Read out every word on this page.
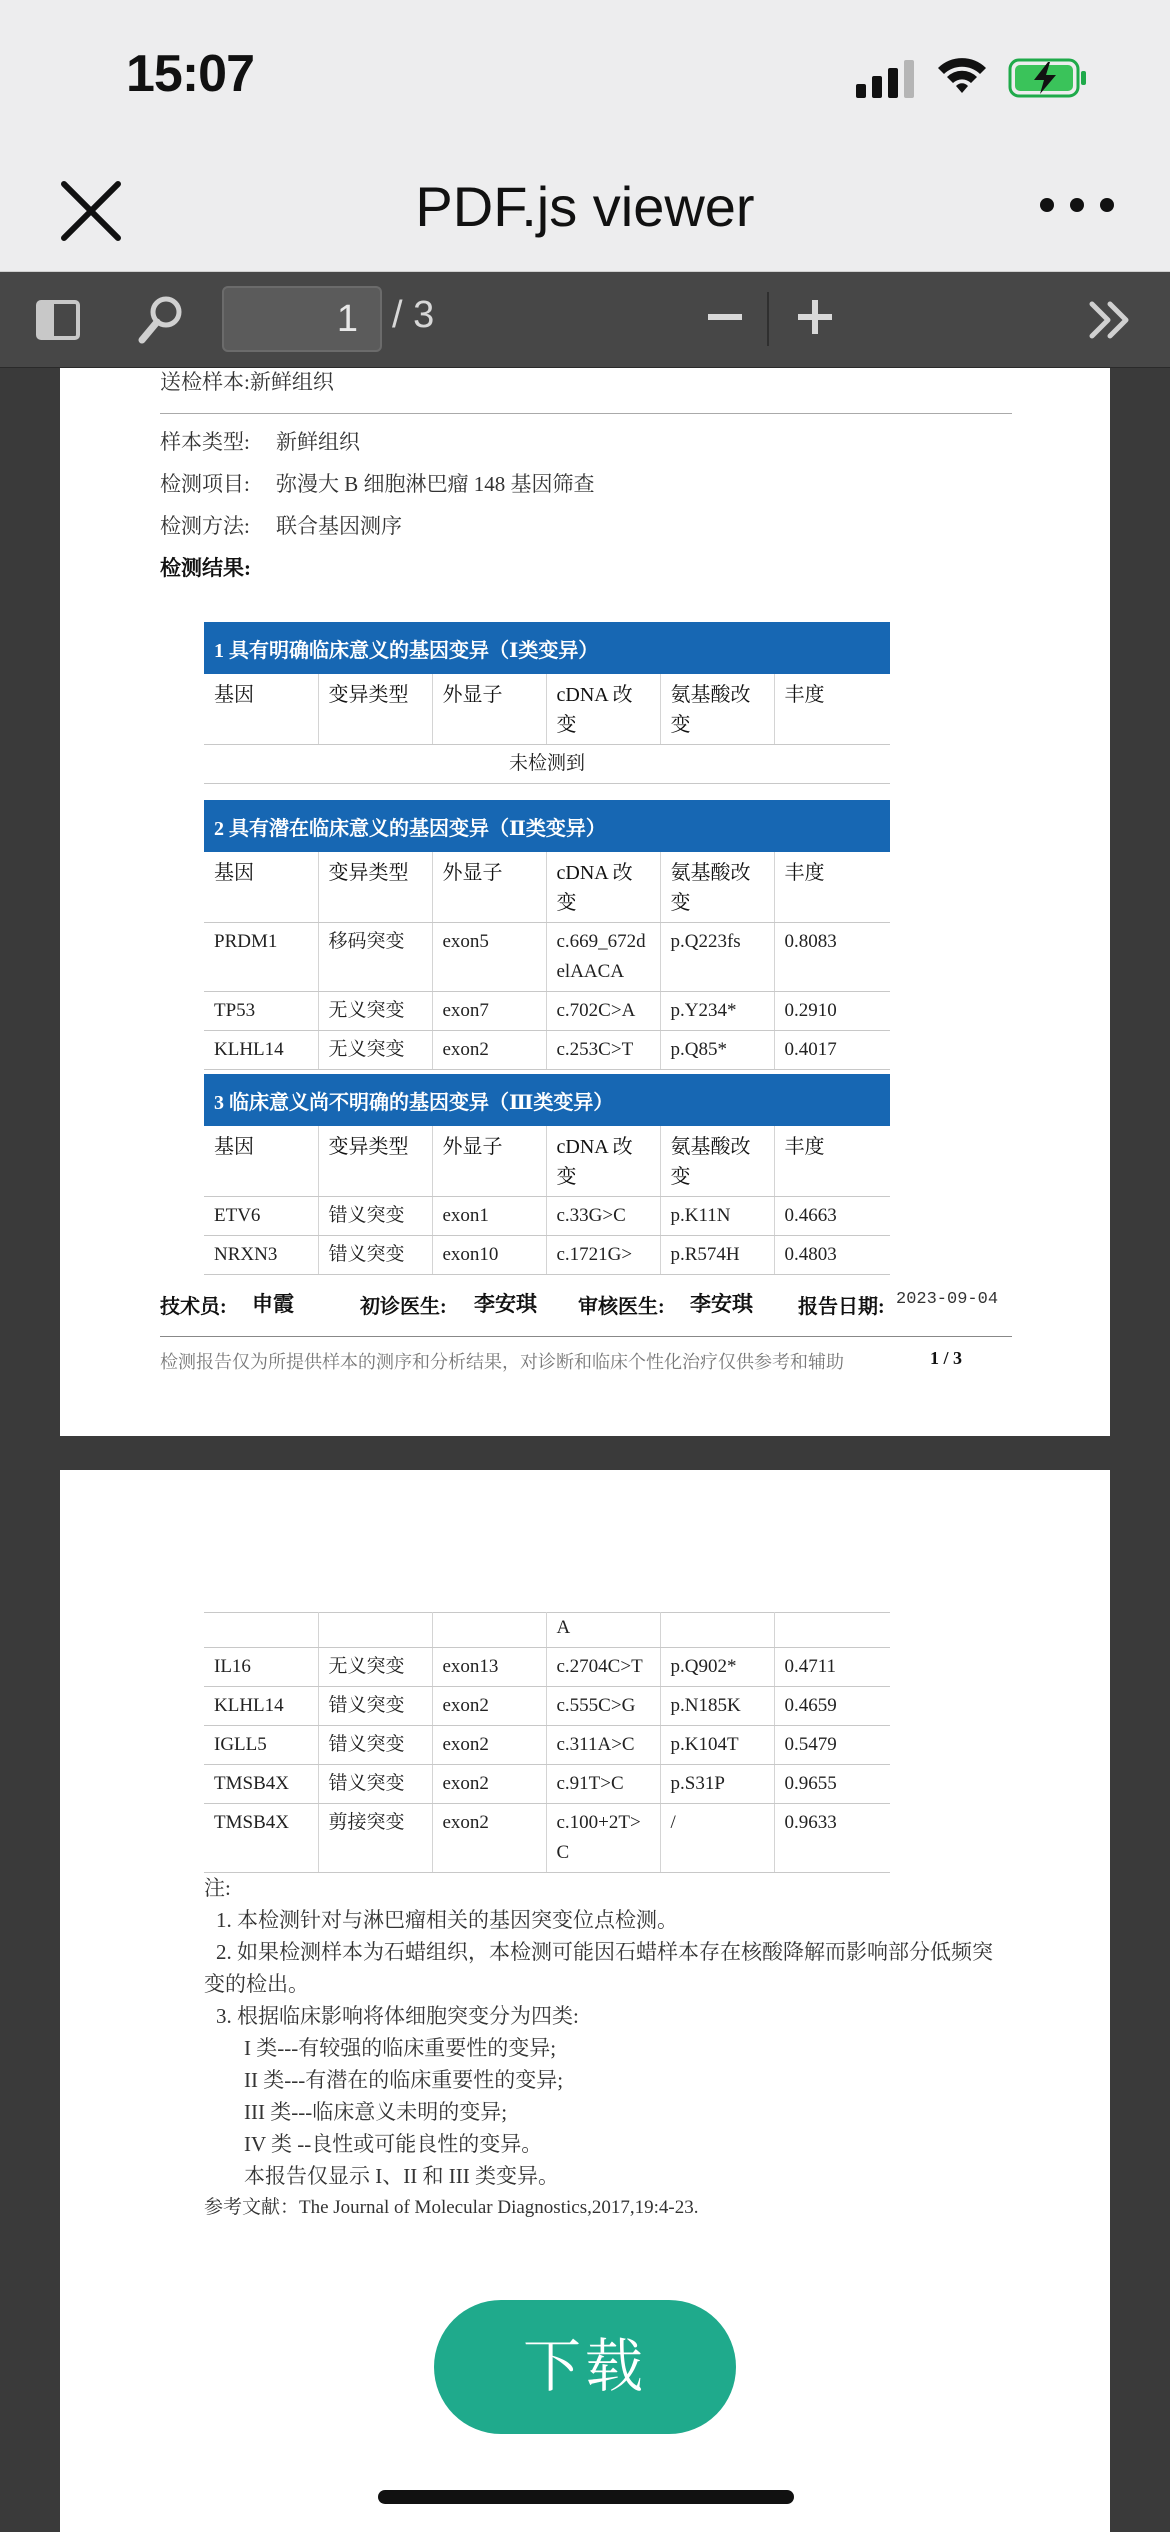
15:07
PDF.js viewer
1 / 3
送检样本:新鲜组织
样本类型: 新鲜组织
检测项目: 弥漫大 B 细胞淋巴瘤 148 基因筛查
检测方法: 联合基因测序
检测结果:
1 具有明确临床意义的基因变异（Ⅰ类变异）
基因	变异类型	外显子	cDNA 改变	氨基酸改变	丰度
未检测到
2 具有潜在临床意义的基因变异（Ⅱ类变异）					
基因	变异类型	外显子	cDNA 改变	氨基酸改变	丰度
PRDM1	移码突变	exon5	c.669_672delAACA	p.Q223fs	0.8083
TP53	无义突变	exon7	c.702C>A	p.Y234*	0.2910
KLHL14	无义突变	exon2	c.253C>T	p.Q85*	0.4017
3 临床意义尚不明确的基因变异（Ⅲ类变异）					
基因	变异类型	外显子	cDNA 改变	氨基酸改变	丰度
ETV6	错义突变	exon1	c.33G>C	p.K11N	0.4663
NRXN3	错义突变	exon10	c.1721G>	p.R574H	0.4803
技术员: 申霞	初诊医生: 李安琪 审核医生: 李安琪 报告日期: 2023-09-04
检测报告仅为所提供样本的测序和分析结果，对诊断和临床个性化治疗仅供参考和辅助	1 / 3
			A		
IL16	无义突变	exon13	c.2704C>T	p.Q902*	0.4711
KLHL14	错义突变	exon2	c.555C>G	p.N185K	0.4659
IGLL5	错义突变	exon2	c.311A>C	p.K104T	0.5479
TMSB4X	错义突变	exon2	c.91T>C	p.S31P	0.9655
TMSB4X	剪接突变	exon2	c.100+2T>C	/	0.9633
注:
1. 本检测针对与淋巴瘤相关的基因突变位点检测。
2. 如果检测样本为石蜡组织，本检测可能因石蜡样本存在核酸降解而影响部分低频突
变的检出。
3. 根据临床影响将体细胞突变分为四类:
I 类---有较强的临床重要性的变异;
II 类---有潜在的临床重要性的变异;
III 类---临床意义未明的变异;
IV 类 --良性或可能良性的变异。
本报告仅显示 I、II 和 III 类变异。
参考文献：The Journal of Molecular Diagnostics,2017,19:4-23.
下载
